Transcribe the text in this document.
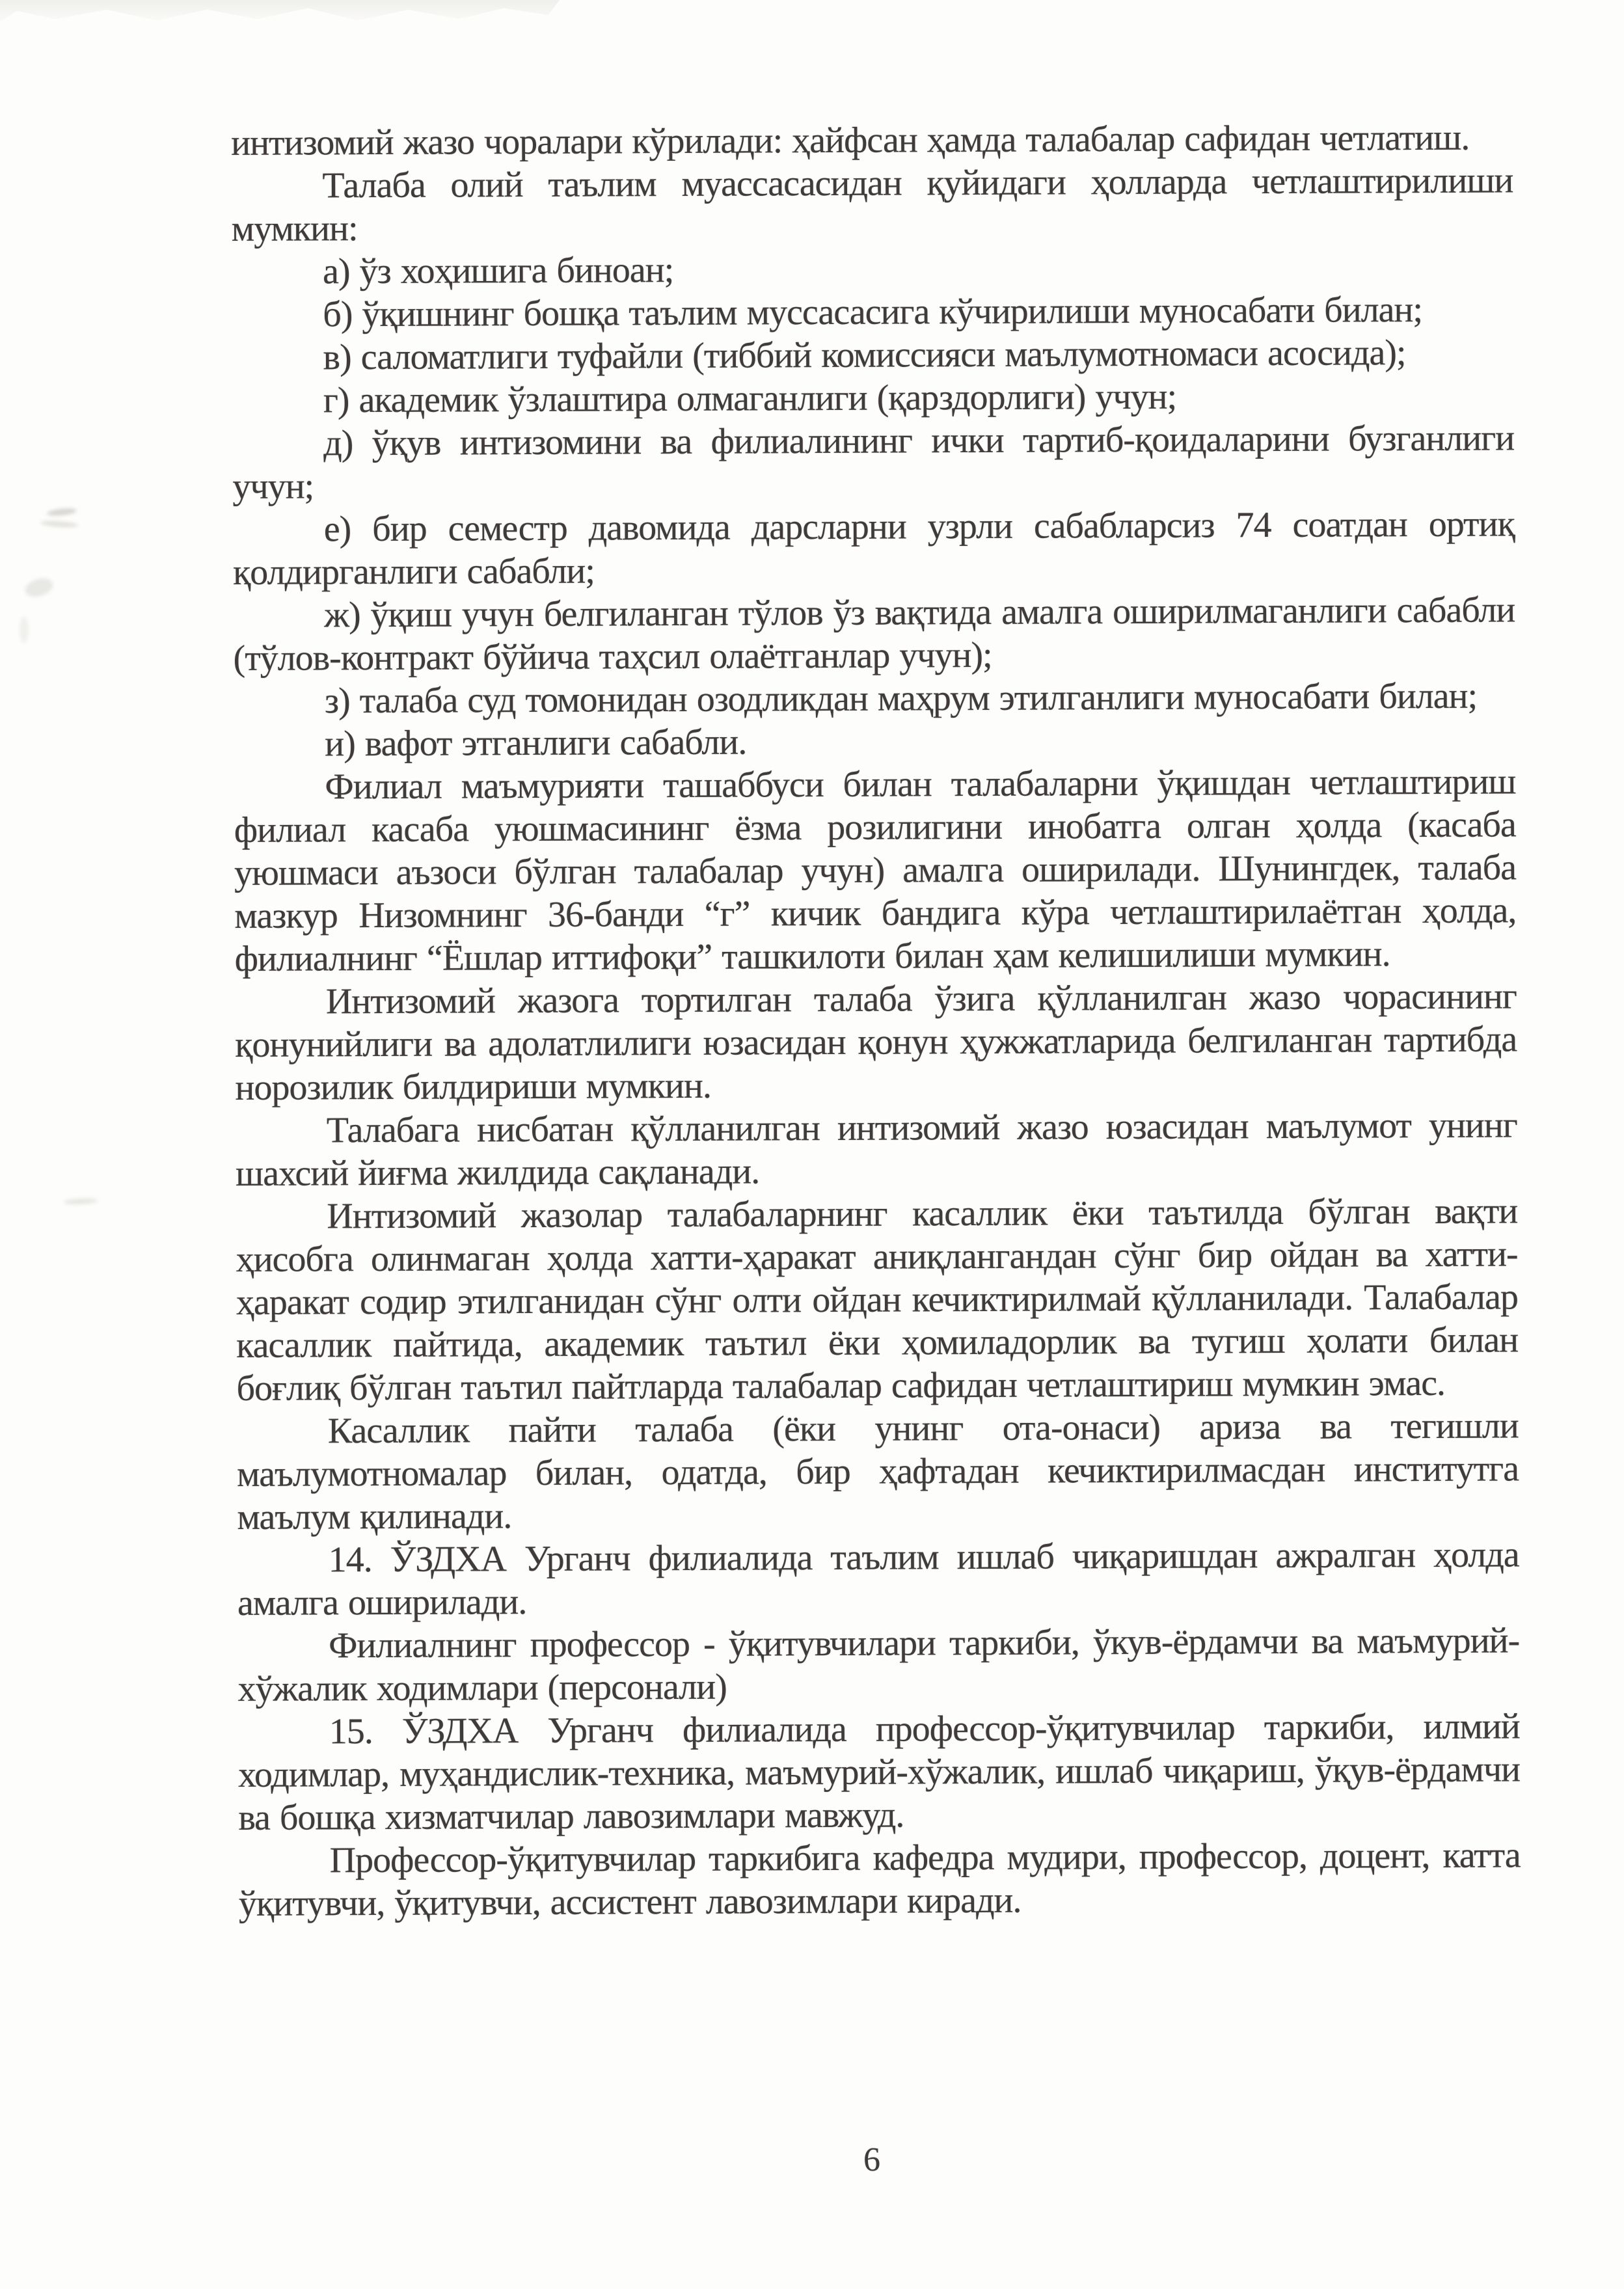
интизомий жазо чоралари кўрилади: ҳайфсан ҳамда талабалар сафидан четлатиш.

Талаба олий таълим муассасасидан қуйидаги ҳолларда четлаштирилиши мумкин:

а) ўз хоҳишига биноан;

б) ўқишнинг бошқа таълим муссасасига кўчирилиши муносабати билан;

в) саломатлиги туфайли (тиббий комиссияси маълумотномаси асосида);

г) академик ўзлаштира олмаганлиги (қарздорлиги) учун;

д) ўқув интизомини ва филиалининг ички тартиб-қоидаларини бузганлиги учун;

е) бир семестр давомида дарсларни узрли сабабларсиз 74 соатдан ортиқ қолдирганлиги сабабли;

ж) ўқиш учун белгиланган тўлов ўз вақтида амалга оширилмаганлиги сабабли (тўлов-контракт бўйича таҳсил олаётганлар учун);

з) талаба суд томонидан озодликдан маҳрум этилганлиги муносабати билан;

и) вафот этганлиги сабабли.

Филиал маъмурияти ташаббуси билан талабаларни ўқишдан четлаштириш филиал касаба уюшмасининг ёзма розилигини инобатга олган ҳолда (касаба уюшмаси аъзоси бўлган талабалар учун) амалга оширилади. Шунингдек, талаба мазкур Низомнинг 36-банди “г” кичик бандига кўра четлаштирилаётган ҳолда, филиалнинг “Ёшлар иттифоқи” ташкилоти билан ҳам келишилиши мумкин.

Интизомий жазога тортилган талаба ўзига қўлланилган жазо чорасининг қонунийлиги ва адолатлилиги юзасидан қонун ҳужжатларида белгиланган тартибда норозилик билдириши мумкин.

Талабага нисбатан қўлланилган интизомий жазо юзасидан маълумот унинг шахсий йиғма жилдида сақланади.

Интизомий жазолар талабаларнинг касаллик ёки таътилда бўлган вақти ҳисобга олинмаган ҳолда хатти-ҳаракат аниқлангандан сўнг бир ойдан ва хатти-ҳаракат содир этилганидан сўнг олти ойдан кечиктирилмай қўлланилади. Талабалар касаллик пайтида, академик таътил ёки ҳомиладорлик ва тугиш ҳолати билан боғлиқ бўлган таътил пайтларда талабалар сафидан четлаштириш мумкин эмас.

Касаллик пайти талаба (ёки унинг ота-онаси) ариза ва тегишли маълумотномалар билан, одатда, бир ҳафтадан кечиктирилмасдан институтга маълум қилинади.

14. ЎЗДХА Урганч филиалида таълим ишлаб чиқаришдан ажралган ҳолда амалга оширилади.

Филиалнинг профессор - ўқитувчилари таркиби, ўкув-ёрдамчи ва маъмурий-хўжалик ходимлари (персонали)

15. ЎЗДХА Урганч филиалида профессор-ўқитувчилар таркиби, илмий ходимлар, муҳандислик-техника, маъмурий-хўжалик, ишлаб чиқариш, ўқув-ёрдамчи ва бошқа хизматчилар лавозимлари мавжуд.

Профессор-ўқитувчилар таркибига кафедра мудири, профессор, доцент, катта ўқитувчи, ўқитувчи, ассистент лавозимлари киради.

6
